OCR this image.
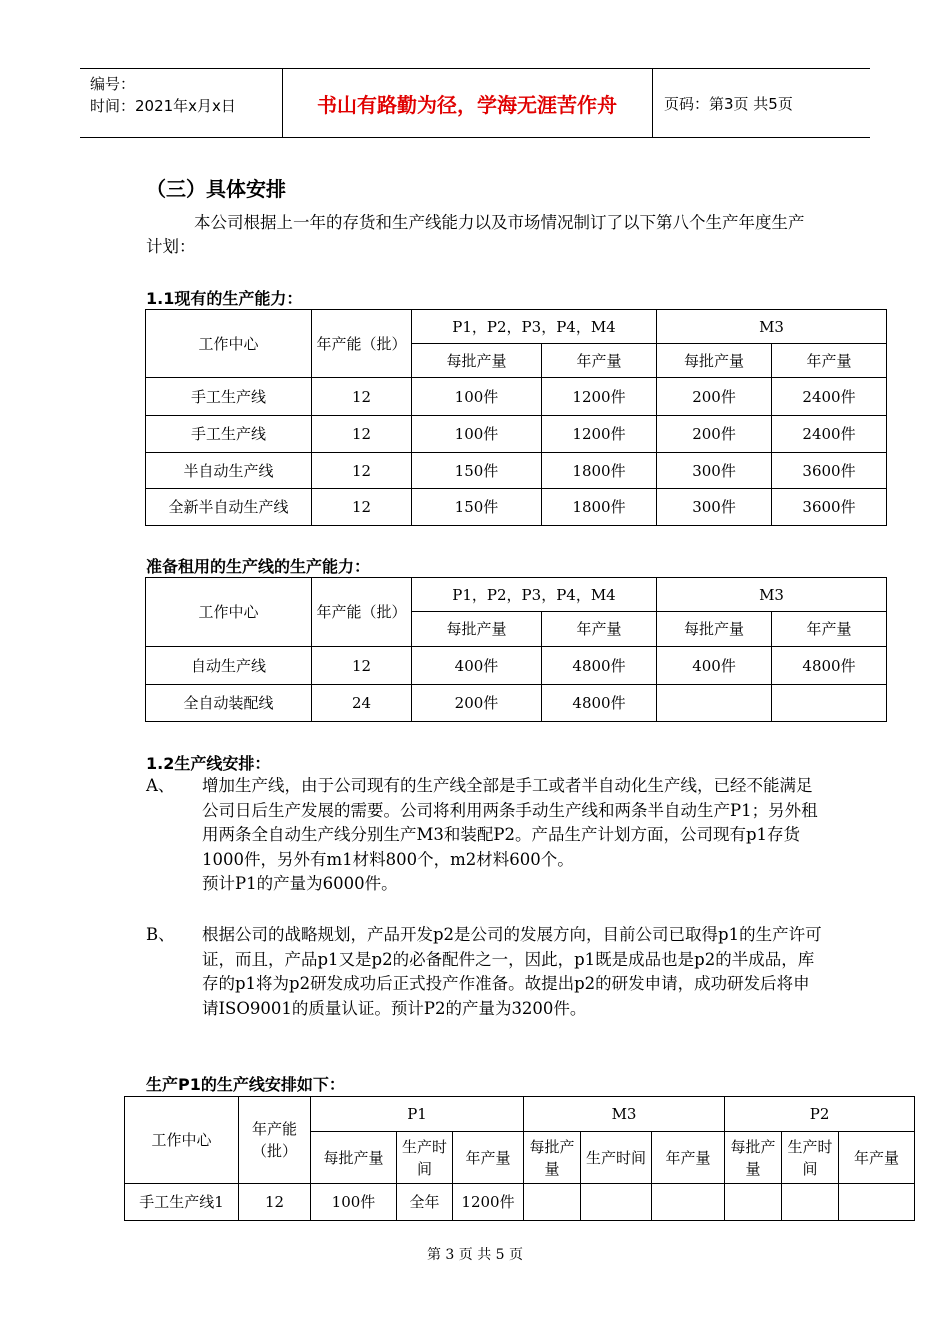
编号：
时间：2021年x月x日	书山有路勤为径，学海无涯苦作舟	页码：第3页 共5页
（三）具体安排
本公司根据上一年的存货和生产线能力以及市场情况制订了以下第八个生产年度生产计划：
1.1现有的生产能力：
工作中心	年产能（批）	P1，P2，P3，P4，M4		M3	
		每批产量	年产量	每批产量	年产量
手工生产线	12	100件	1200件	200件	2400件
手工生产线	12	100件	1200件	200件	2400件
半自动生产线	12	150件	1800件	300件	3600件
全新半自动生产线	12	150件	1800件	300件	3600件
准备租用的生产线的生产能力：
工作中心	年产能（批）	P1，P2，P3，P4，M4		M3	
		每批产量	年产量	每批产量	年产量
自动生产线	12	400件	4800件	400件	4800件
全自动装配线	24	200件	4800件		
1.2生产线安排：
A、 增加生产线，由于公司现有的生产线全部是手工或者半自动化生产线，已经不能满足公司日后生产发展的需要。公司将利用两条手动生产线和两条半自动生产P1；另外租用两条全自动生产线分别生产M3和装配P2。产品生产计划方面，公司现有p1存货1000件，另外有m1材料800个，m2材料600个。
预计P1的产量为6000件。
B、 根据公司的战略规划，产品开发p2是公司的发展方向，目前公司已取得p1的生产许可证，而且，产品p1又是p2的必备配件之一，因此，p1既是成品也是p2的半成品，库存的p1将为p2研发成功后正式投产作准备。故提出p2的研发申请，成功研发后将申请ISO9001的质量认证。预计P2的产量为3200件。
生产P1的生产线安排如下：
工作中心	年产能（批）	P1			M3			P2		
		每批产量	生产时间	年产量	每批产量	生产时间	年产量	每批产量	生产时间	年产量
手工生产线1	12	100件	全年	1200件						
第 3 页 共 5 页
